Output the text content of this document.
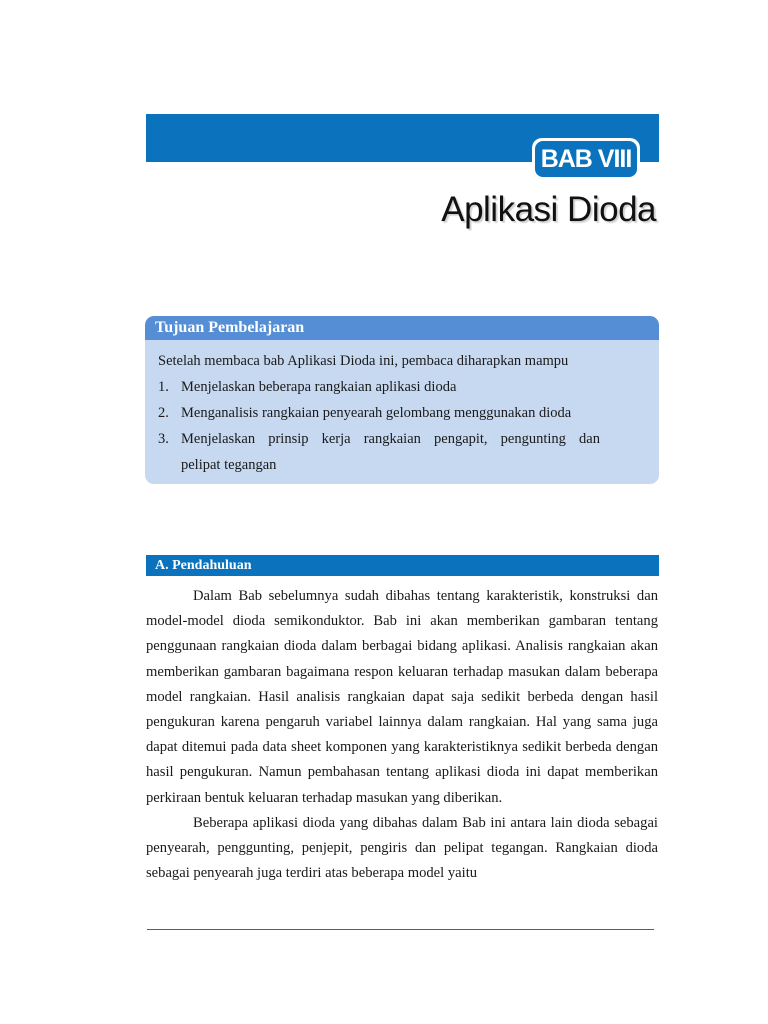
BAB VIII
Aplikasi Dioda
Tujuan Pembelajaran
Setelah membaca bab Aplikasi Dioda ini, pembaca diharapkan mampu
1. Menjelaskan beberapa rangkaian aplikasi dioda
2. Menganalisis rangkaian penyearah gelombang menggunakan dioda
3. Menjelaskan prinsip kerja rangkaian pengapit, pengunting dan
pelipat tegangan
A. Pendahuluan

Dalam Bab sebelumnya sudah dibahas tentang karakteristik, konstruksi dan model-model dioda semikonduktor. Bab ini akan memberikan gambaran tentang penggunaan rangkaian dioda dalam berbagai bidang aplikasi. Analisis rangkaian akan memberikan gambaran bagaimana respon keluaran terhadap masukan dalam beberapa model rangkaian. Hasil analisis rangkaian dapat saja sedikit berbeda dengan hasil pengukuran karena pengaruh variabel lainnya dalam rangkaian. Hal yang sama juga dapat ditemui pada data sheet komponen yang karakteristiknya sedikit berbeda dengan hasil pengukuran. Namun pembahasan tentang aplikasi dioda ini dapat memberikan perkiraan bentuk keluaran terhadap masukan yang diberikan.

Beberapa aplikasi dioda yang dibahas dalam Bab ini antara lain dioda sebagai penyearah, penggunting, penjepit, pengiris dan pelipat tegangan. Rangkaian dioda sebagai penyearah juga terdiri atas beberapa model yaitu
